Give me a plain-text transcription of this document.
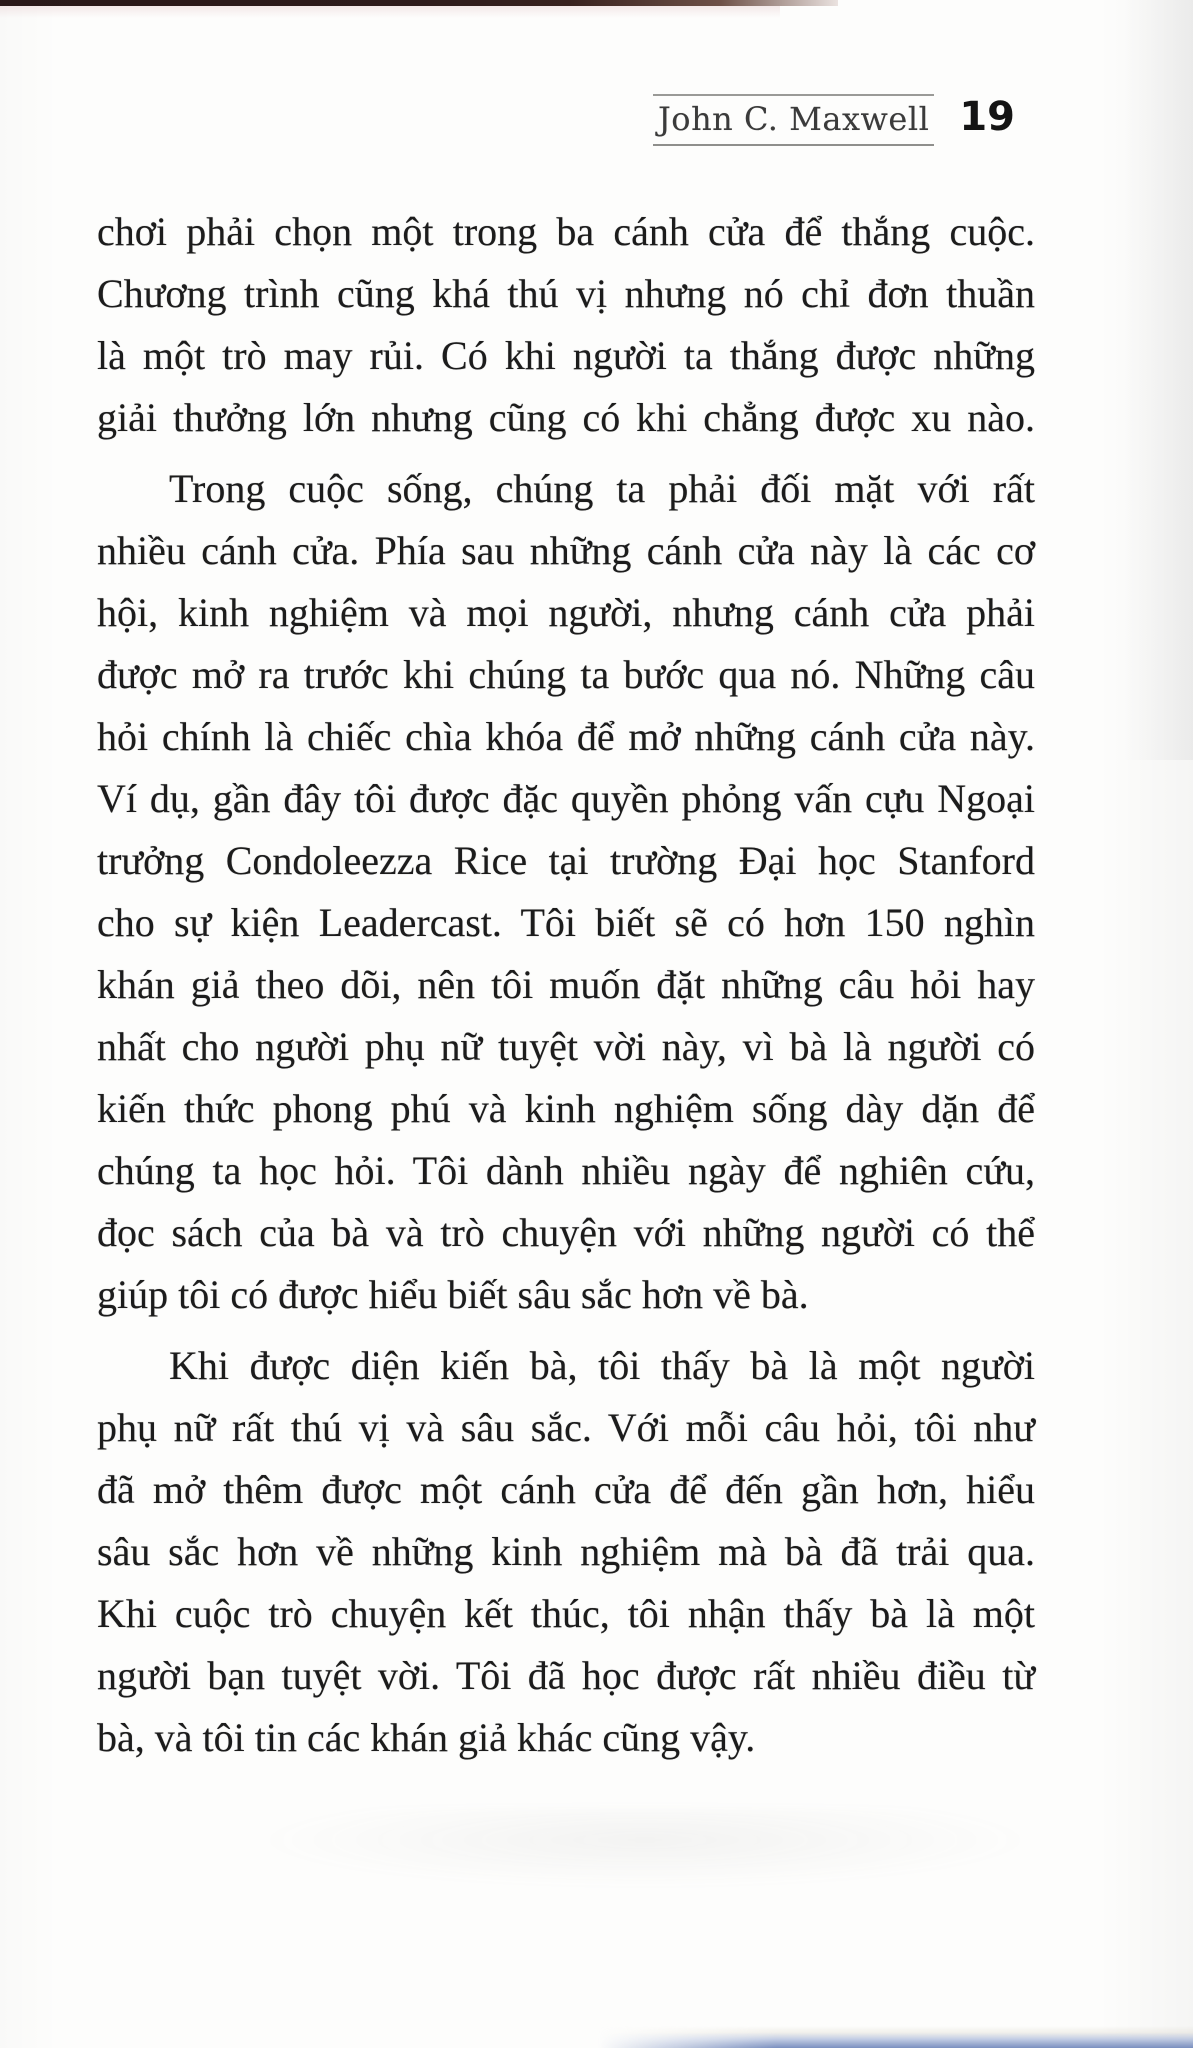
John C. Maxwell 19
chơi phải chọn một trong ba cánh cửa để thắng cuộc.
Chương trình cũng khá thú vị nhưng nó chỉ đơn thuần
là một trò may rủi. Có khi người ta thắng được những
giải thưởng lớn nhưng cũng có khi chẳng được xu nào.
Trong cuộc sống, chúng ta phải đối mặt với rất
nhiều cánh cửa. Phía sau những cánh cửa này là các cơ
hội, kinh nghiệm và mọi người, nhưng cánh cửa phải
được mở ra trước khi chúng ta bước qua nó. Những câu
hỏi chính là chiếc chìa khóa để mở những cánh cửa này.
Ví dụ, gần đây tôi được đặc quyền phỏng vấn cựu Ngoại
trưởng Condoleezza Rice tại trường Đại học Stanford
cho sự kiện Leadercast. Tôi biết sẽ có hơn 150 nghìn
khán giả theo dõi, nên tôi muốn đặt những câu hỏi hay
nhất cho người phụ nữ tuyệt vời này, vì bà là người có
kiến thức phong phú và kinh nghiệm sống dày dặn để
chúng ta học hỏi. Tôi dành nhiều ngày để nghiên cứu,
đọc sách của bà và trò chuyện với những người có thể
giúp tôi có được hiểu biết sâu sắc hơn về bà.
Khi được diện kiến bà, tôi thấy bà là một người
phụ nữ rất thú vị và sâu sắc. Với mỗi câu hỏi, tôi như
đã mở thêm được một cánh cửa để đến gần hơn, hiểu
sâu sắc hơn về những kinh nghiệm mà bà đã trải qua.
Khi cuộc trò chuyện kết thúc, tôi nhận thấy bà là một
người bạn tuyệt vời. Tôi đã học được rất nhiều điều từ
bà, và tôi tin các khán giả khác cũng vậy.
